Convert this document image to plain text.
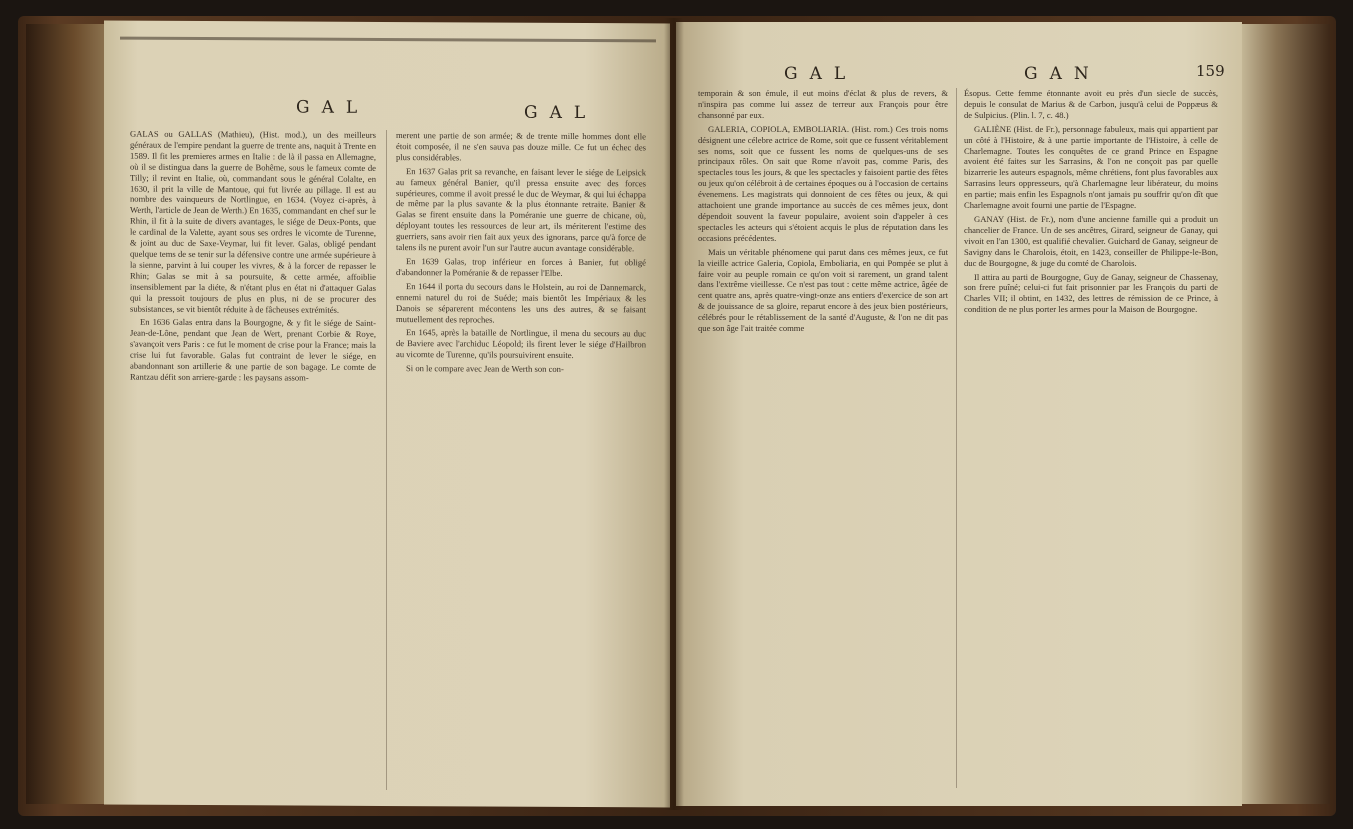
GAL	GAL

GALAS ou GALLAS (Mathieu), (Hist. mod.), un des meilleurs généraux de l'empire pendant la guerre de trente ans, naquit à Trente en 1589. Il fit les premieres armes en Italie : de là il passa en Allemagne, où il se distingua dans la guerre de Bohême, sous le fameux comte de Tilly; il revint en Italie, où, commandant sous le général Colalte, en 1630, il prit la ville de Mantoue, qui fut livrée au pillage. Il est au nombre des vainqueurs de Nortlingue, en 1634. (Voyez ci-après, à Werth, l'article de Jean de Werth.) En 1635, commandant en chef sur le Rhin, il fit à la suite de divers avantages, le siége de Deux-Ponts, que le cardinal de la Valette, ayant sous ses ordres le vicomte de Turenne, & joint au duc de Saxe-Veymar, lui fit lever. Galas, obligé pendant quelque tems de se tenir sur la défensive contre une armée supérieure à la sienne, parvint à lui couper les vivres, & à la forcer de repasser le Rhin; Galas se mit à sa poursuite, & cette armée, affoiblie insensiblement par la diéte, & n'étant plus en état ni d'attaquer Galas qui la pressoit toujours de plus en plus, ni de se procurer des subsistances, se vit bientôt réduite à de fâcheuses extrémités.

En 1636 Galas entra dans la Bourgogne, & y fit le siége de Saint-Jean-de-Lône, pendant que Jean de Wert, prenant Corbie & Roye, s'avançoit vers Paris : ce fut le moment de crise pour la France; mais la crise lui fut favorable. Galas fut contraint de lever le siége, en abandonnant son artillerie & une partie de son bagage. Le comte de Rantzau défit son arriere-garde : les paysans assom-

merent une partie de son armée; & de trente mille hommes dont elle étoit composée, il ne s'en sauva pas douze mille. Ce fut un échec des plus considérables.

En 1637 Galas prit sa revanche, en faisant lever le siége de Leipsick au fameux général Banier, qu'il pressa ensuite avec des forces supérieures, comme il avoit pressé le duc de Weymar, & qui lui échappa de même par la plus savante & la plus étonnante retraite. Banier & Galas se firent ensuite dans la Poméranie une guerre de chicane, où, déployant toutes les ressources de leur art, ils mériterent l'estime des guerriers, sans avoir rien fait aux yeux des ignorans, parce qu'à force de talens ils ne purent avoir l'un sur l'autre aucun avantage considérable.

En 1639 Galas, trop inférieur en forces à Banier, fut obligé d'abandonner la Poméranie & de repasser l'Elbe.

En 1644 il porta du secours dans le Holstein, au roi de Dannemarck, ennemi naturel du roi de Suéde; mais bientôt les Impériaux & les Danois se séparerent mécontens les uns des autres, & se faisant mutuellement des reproches.

En 1645, après la bataille de Nortlingue, il mena du secours au duc de Baviere avec l'archiduc Léopold; ils firent lever le siége d'Hailbron au vicomte de Turenne, qu'ils poursuivirent ensuite.

Si on le compare avec Jean de Werth son con-

GAL	GAN	159

temporain & son émule, il eut moins d'éclat & plus de revers, & n'inspira pas comme lui assez de terreur aux François pour être chansonné par eux.

GALERIA, COPIOLA, EMBOLIARIA. (Hist. rom.) Ces trois noms désignent une célebre actrice de Rome, soit que ce fussent véritablement ses noms, soit que ce fussent les noms de quelques-uns de ses principaux rôles. On sait que Rome n'avoit pas, comme Paris, des spectacles tous les jours, & que les spectacles y faisoient partie des fêtes ou jeux qu'on célébroit à de certaines époques ou à l'occasion de certains évenemens. Les magistrats qui donnoient de ces fêtes ou jeux, & qui attachoient une grande importance au succès de ces mêmes jeux, dont dépendoit souvent la faveur populaire, avoient soin d'appeler à ces spectacles les acteurs qui s'étoient acquis le plus de réputation dans les occasions précédentes.

Mais un véritable phénomene qui parut dans ces mêmes jeux, ce fut la vieille actrice Galeria, Copiola, Emboliaria, en qui Pompée se plut à faire voir au peuple romain ce qu'on voit si rarement, un grand talent dans l'extrême vieillesse. Ce n'est pas tout : cette même actrice, âgée de cent quatre ans, après quatre-vingt-onze ans entiers d'exercice de son art & de jouissance de sa gloire, reparut encore à des jeux bien postérieurs, célébrés pour le rétablissement de la santé d'Auguste, & l'on ne dit pas que son âge l'ait traitée comme

Ésopus. Cette femme étonnante avoit eu près d'un siecle de succès, depuis le consulat de Marius & de Carbon, jusqu'à celui de Poppæus & de Sulpicius. (Plin. l. 7, c. 48.)

GALIÈNE (Hist. de Fr.), personnage fabuleux, mais qui appartient par un côté à l'Histoire, & à une partie importante de l'Histoire, à celle de Charlemagne. Toutes les conquêtes de ce grand Prince en Espagne avoient été faites sur les Sarrasins, & l'on ne conçoit pas par quelle bizarrerie les auteurs espagnols, même chrétiens, font plus favorables aux Sarrasins leurs oppresseurs, qu'à Charlemagne leur libérateur, du moins en partie; mais enfin les Espagnols n'ont jamais pu souffrir qu'on dît que Charlemagne avoit fourni une partie de l'Espagne.

GANAY (Hist. de Fr.), nom d'une ancienne famille qui a produit un chancelier de France. Un de ses ancêtres, Girard, seigneur de Ganay, qui vivoit en l'an 1300, est qualifié chevalier. Guichard de Ganay, seigneur de Savigny dans le Charolois, étoit, en 1423, conseiller de Philippe-le-Bon, duc de Bourgogne, & juge du comté de Charolois.

Il attira au parti de Bourgogne, Guy de Ganay, seigneur de Chassenay, son frere puîné; celui-ci fut fait prisonnier par les François du parti de Charles VII; il obtint, en 1432, des lettres de rémission de ce Prince, à condition de ne plus porter les armes pour la Maison de Bourgogne.
